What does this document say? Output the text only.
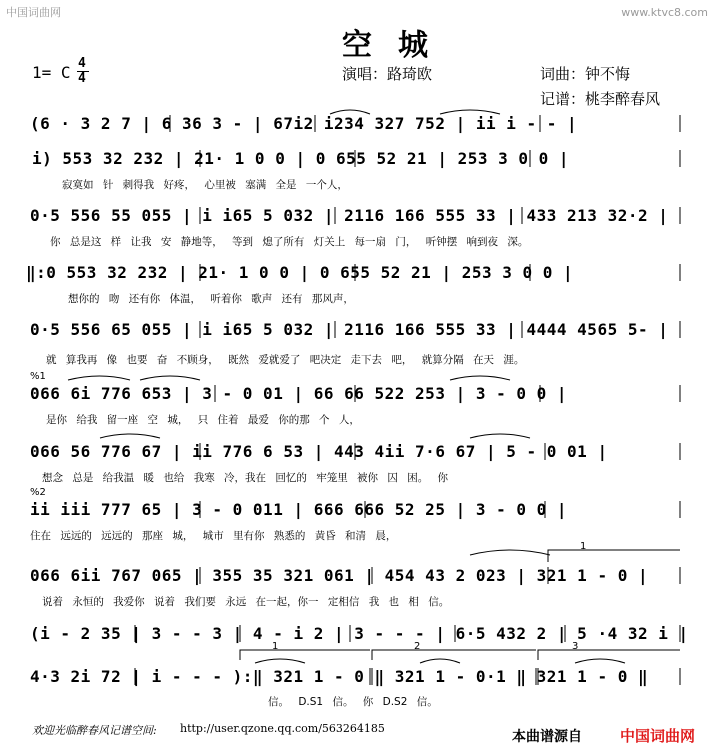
中国词曲网	www.ktvc8.com
空城
1= C 4
4	演唱：路琦欧	词曲：钟不悔
记谱：桃李醉春风
(6 · 3 2 7 | 6 36 3 - | 67i2 i234 327 752 | ii i - - |
i) 553 32 232 | 21· 1 0 0 | 0 655 52 21 | 253 3 0 0 |
寂寞如 针 刺得我 好疼， 心里被 塞满 全是 一个人，
0·5 556 55 055 | i i65 5 032 | 2116 166 555 33 | 433 213 32·2 |
你 总是这 样 让我 安 静地等， 等到 熄了所有 灯关上 每一扇 门， 听钟摆 响到夜 深。
‖:0 553 32 232 | 21· 1 0 0 | 0 655 52 21 | 253 3 0 0 |
想你的 吻 还有你 体温， 听着你 歌声 还有 那风声，
0·5 556 65 055 | i i65 5 032 | 2116 166 555 33 | 4444 4565 5- |
就 算我再 像 也要 奋 不顾身， 既然 爱就爱了 吧决定 走下去 吧， 就算分隔 在天 涯。
%1
066 6i 776 653 | 3 - 0 01 | 66 66 522 253 | 3 - 0 0 |
是你 给我 留一座 空 城， 只 住着 最爱 你的那 个 人，
066 56 776 67 | ii 776 6 53 | 443 4ii 7·6 67 | 5 - 0 01 |
想念 总是 给我温 暖 也给 我寒 冷，我在 回忆的 牢笼里 被你 囚 困。 你
%2
ii iii 777 65 | 3 - 0 011 | 666 666 52 25 | 3 - 0 0 |
住在 远远的 远远的 那座 城， 城市 里有你 熟悉的 黄昏 和清 晨，
1
066 6ii 767 065 | 355 35 321 061 | 454 43 2 023 | 321 1 - 0 |
说着 永恒的 我爱你 说着 我们要 永远 在一起，你一 定相信 我 也 相 信。
(i - 2 35 | 3 - - 3 | 4 - i 2 | 3 - - - | 6·5 432 2 | 5 ·4 32 i |
1	2	3
4·3 2i 72 | i - - - ):‖ 321 1 - 0 ‖ 321 1 - 0·1 ‖ 321 1 - 0 ‖
信。 D.S1 信。 你 D.S2 信。
欢迎光临醉春风记谱空间: http://user.qzone.qq.com/563264185
本曲谱源自	中国词曲网
